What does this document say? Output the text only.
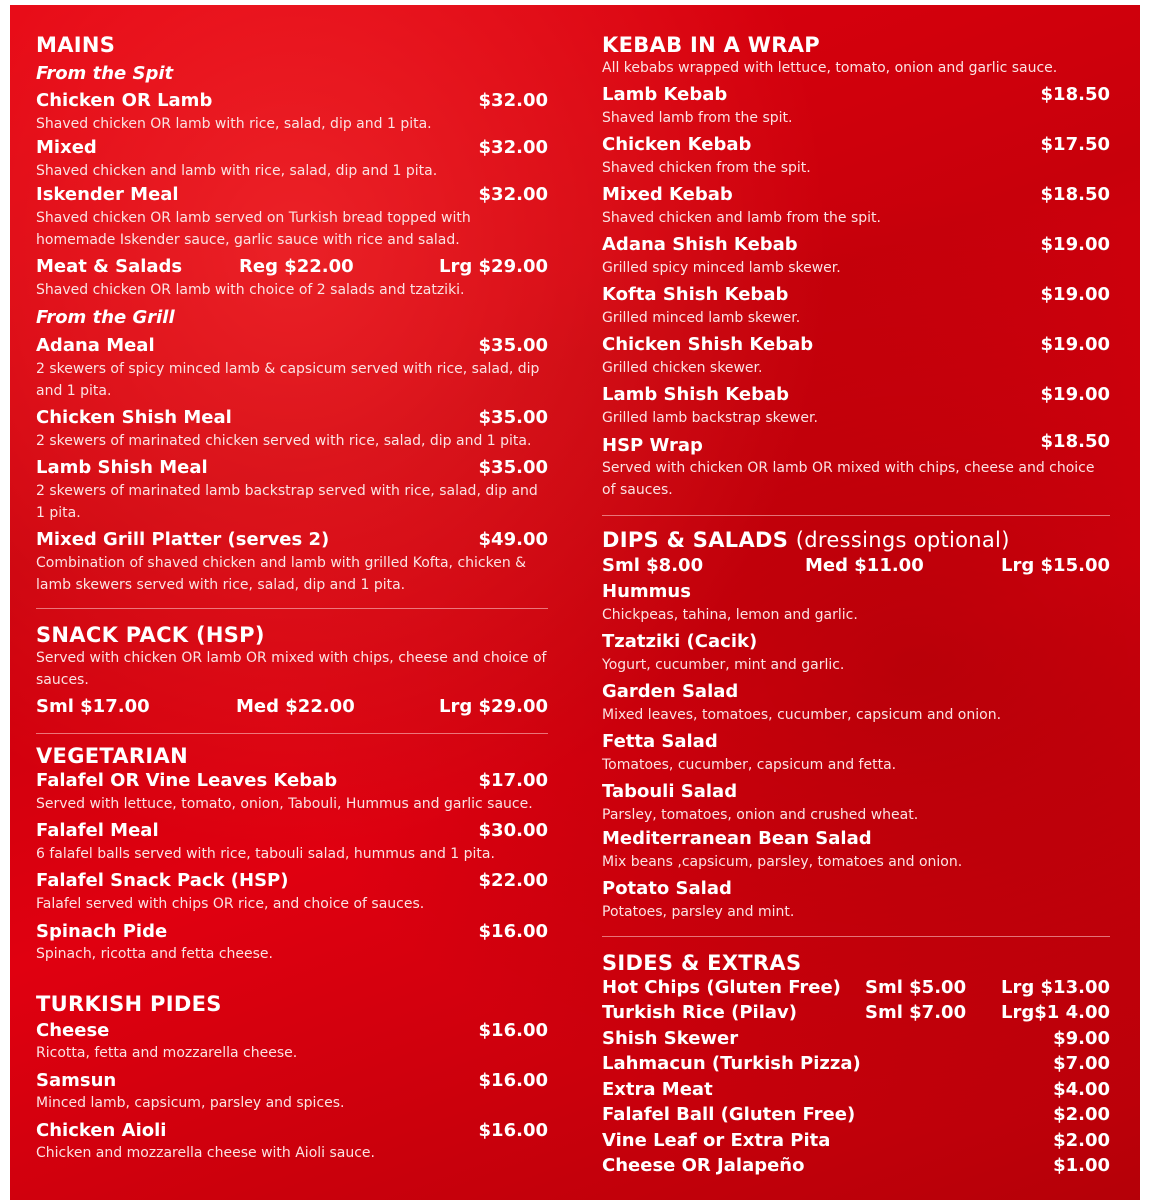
MAINS
From the Spit
Chicken OR Lamb	$32.00
Shaved chicken OR lamb with rice, salad, dip and 1 pita.
Mixed	$32.00
Shaved chicken and lamb with rice, salad, dip and 1 pita.
Iskender Meal	$32.00
Shaved chicken OR lamb served on Turkish bread topped with homemade Iskender sauce, garlic sauce with rice and salad.
Meat & Salads	Reg $22.00	Lrg $29.00
Shaved chicken OR lamb with choice of 2 salads and tzatziki.
From the Grill
Adana Meal	$35.00
2 skewers of spicy minced lamb & capsicum served with rice, salad, dip and 1 pita.
Chicken Shish Meal	$35.00
2 skewers of marinated chicken served with rice, salad, dip and 1 pita.
Lamb Shish Meal	$35.00
2 skewers of marinated lamb backstrap served with rice, salad, dip and 1 pita.
Mixed Grill Platter (serves 2)	$49.00
Combination of shaved chicken and lamb with grilled Kofta, chicken & lamb skewers served with rice, salad, dip and 1 pita.
SNACK PACK (HSP)
Served with chicken OR lamb OR mixed with chips, cheese and choice of sauces.
Sml $17.00	Med $22.00	Lrg $29.00
VEGETARIAN
Falafel OR Vine Leaves Kebab	$17.00
Served with lettuce, tomato, onion, Tabouli, Hummus and garlic sauce.
Falafel Meal	$30.00
6 falafel balls served with rice, tabouli salad, hummus and 1 pita.
Falafel Snack Pack (HSP)	$22.00
Falafel served with chips OR rice, and choice of sauces.
Spinach Pide	$16.00
Spinach, ricotta and fetta cheese.
TURKISH PIDES
Cheese	$16.00
Ricotta, fetta and mozzarella cheese.
Samsun	$16.00
Minced lamb, capsicum, parsley and spices.
Chicken Aioli	$16.00
Chicken and mozzarella cheese with Aioli sauce.
KEBAB IN A WRAP
All kebabs wrapped with lettuce, tomato, onion and garlic sauce.
Lamb Kebab	$18.50
Shaved lamb from the spit.
Chicken Kebab	$17.50
Shaved chicken from the spit.
Mixed Kebab	$18.50
Shaved chicken and lamb from the spit.
Adana Shish Kebab	$19.00
Grilled spicy minced lamb skewer.
Kofta Shish Kebab	$19.00
Grilled minced lamb skewer.
Chicken Shish Kebab	$19.00
Grilled chicken skewer.
Lamb Shish Kebab	$19.00
Grilled lamb backstrap skewer.
HSP Wrap	$18.50
Served with chicken OR lamb OR mixed with chips, cheese and choice of sauces.
DIPS & SALADS (dressings optional)
Sml $8.00	Med $11.00	Lrg $15.00
Hummus
Chickpeas, tahina, lemon and garlic.
Tzatziki (Cacik)
Yogurt, cucumber, mint and garlic.
Garden Salad
Mixed leaves, tomatoes, cucumber, capsicum and onion.
Fetta Salad
Tomatoes, cucumber, capsicum and fetta.
Tabouli Salad
Parsley, tomatoes, onion and crushed wheat.
Mediterranean Bean Salad
Mix beans ,capsicum, parsley, tomatoes and onion.
Potato Salad
Potatoes, parsley and mint.
SIDES & EXTRAS
Hot Chips (Gluten Free) Sml $5.00 Lrg $13.00
Turkish Rice (Pilav)	Sml $7.00 Lrg$1 4.00
Shish Skewer	$9.00
Lahmacun (Turkish Pizza)	$7.00
Extra Meat	$4.00
Falafel Ball (Gluten Free)	$2.00
Vine Leaf or Extra Pita	$2.00
Cheese OR Jalapeño	$1.00
